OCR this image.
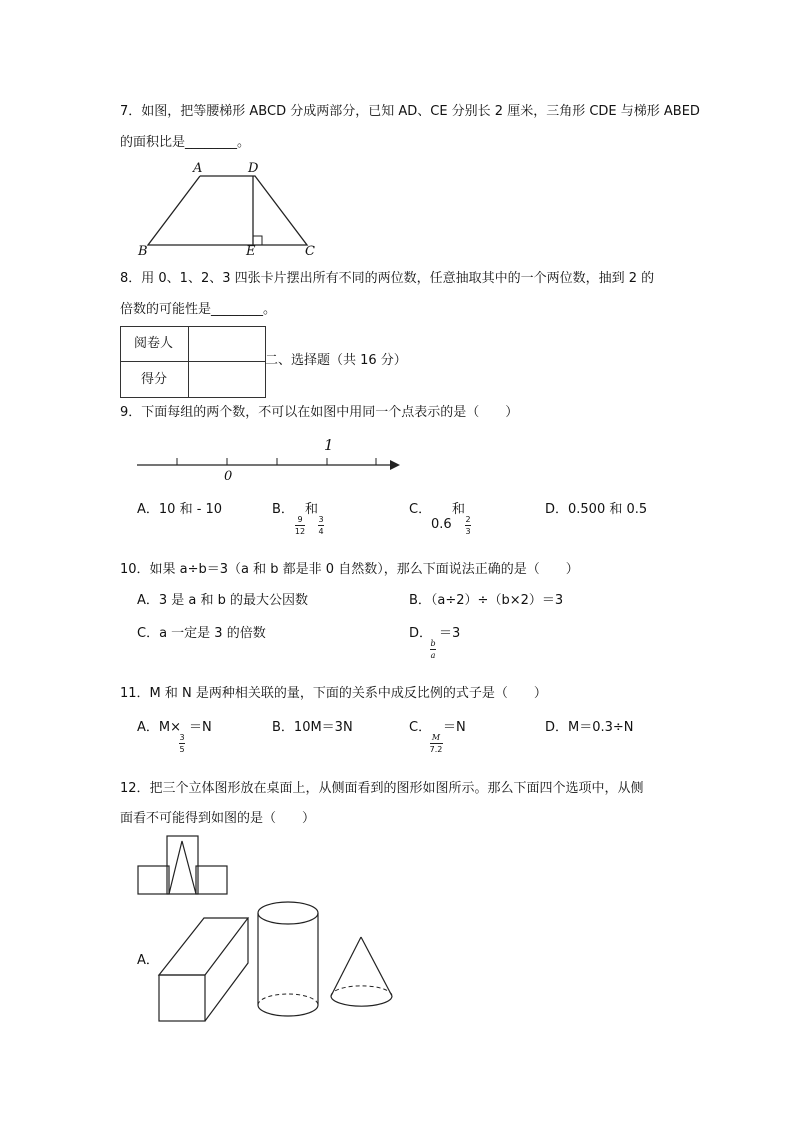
7．如图，把等腰梯形 ABCD 分成两部分，已知 AD、CE 分别长 2 厘米，三角形 CDE 与梯形 ABED
的面积比是________。
A	D
B	E	C
8．用 0、1、2、3 四张卡片摆出所有不同的两位数，任意抽取其中的一个两位数，抽到 2 的
倍数的可能性是________。
阅卷人
得分
二、选择题（共 16 分）
9．下面每组的两个数，不可以在如图中用同一个点表示的是（　　）
1
0
A．10 和 - 10	B． 和
9
12
3
4
C． 和
0.6 2
3
D．0.500 和 0.5
10．如果 a÷b＝3（a 和 b 都是非 0 自然数），那么下面说法正确的是（　　）
A．3 是 a 和 b 的最大公因数	B．（a÷2）÷（b×2）＝3
C．a 一定是 3 的倍数	D． ＝3
b
a
11．M 和 N 是两种相关联的量，下面的关系中成反比例的式子是（　　）
A．M× ＝N
3
5
B．10M＝3N	C． ＝N
M
7.2
D．M＝0.3÷N
12．把三个立体图形放在桌面上，从侧面看到的图形如图所示。那么下面四个选项中，从侧
面看不可能得到如图的是（　　）
A．
